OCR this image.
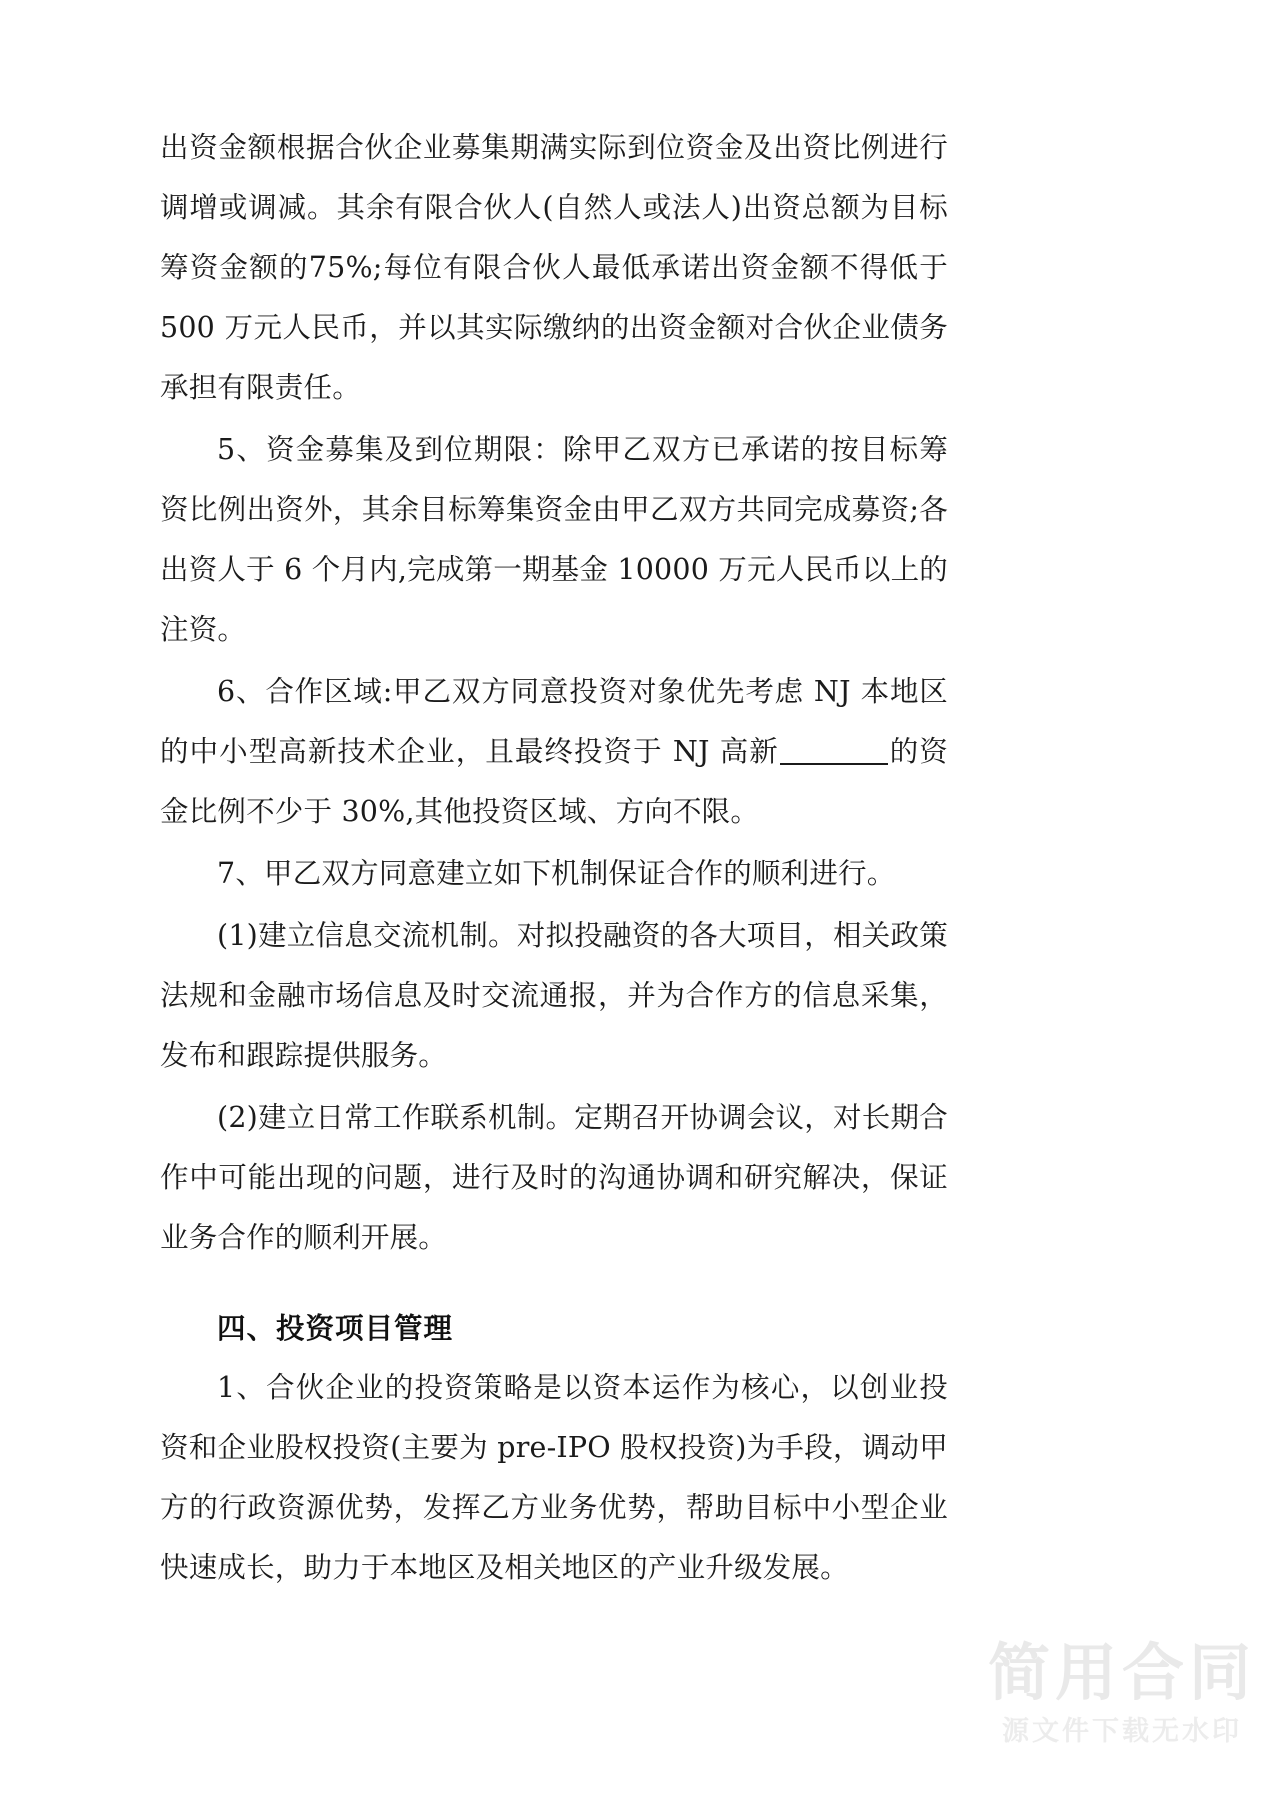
出资金额根据合伙企业募集期满实际到位资金及出资比例进行调增或调减。其余有限合伙人(自然人或法人)出资总额为目标筹资金额的75%;每位有限合伙人最低承诺出资金额不得低于 500 万元人民币，并以其实际缴纳的出资金额对合伙企业债务承担有限责任。

5、资金募集及到位期限：除甲乙双方已承诺的按目标筹资比例出资外，其余目标筹集资金由甲乙双方共同完成募资;各出资人于 6 个月内,完成第一期基金 10000 万元人民币以上的注资。

6、合作区域:甲乙双方同意投资对象优先考虑 NJ 本地区的中小型高新技术企业，且最终投资于 NJ 高新	的资金比例不少于 30%,其他投资区域、方向不限。

7、甲乙双方同意建立如下机制保证合作的顺利进行。

(1)建立信息交流机制。对拟投融资的各大项目，相关政策法规和金融市场信息及时交流通报，并为合作方的信息采集，发布和跟踪提供服务。

(2)建立日常工作联系机制。定期召开协调会议，对长期合作中可能出现的问题，进行及时的沟通协调和研究解决，保证业务合作的顺利开展。

四、投资项目管理

1、合伙企业的投资策略是以资本运作为核心，以创业投资和企业股权投资(主要为 pre-IPO 股权投资)为手段，调动甲方的行政资源优势，发挥乙方业务优势，帮助目标中小型企业快速成长，助力于本地区及相关地区的产业升级发展。

简用合同
源文件下载无水印
